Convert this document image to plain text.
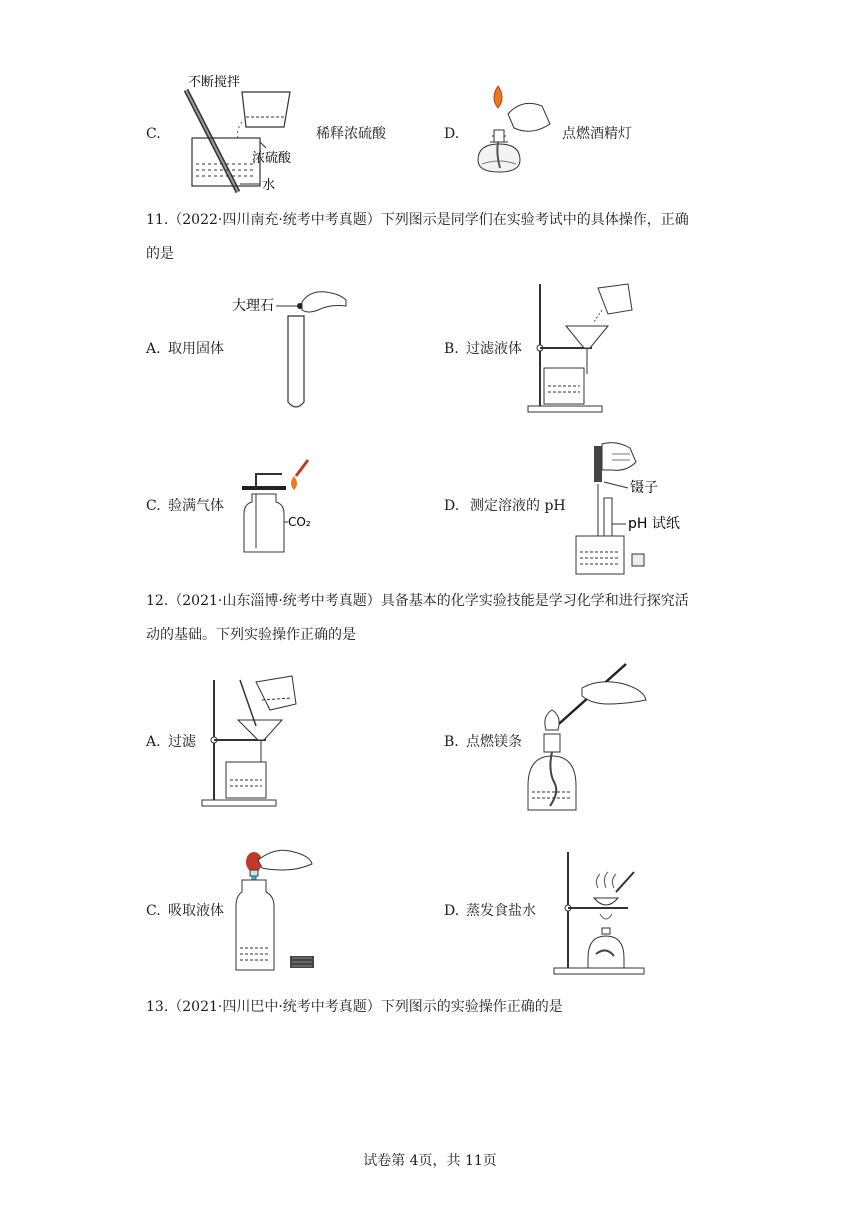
C.
不断搅拌
浓硫酸
水
稀释浓硫酸	D.	点燃酒精灯
11.（2022·四川南充·统考中考真题）下列图示是同学们在实验考试中的具体操作，正确
的是
A.
大理石
取用固体	B. 过滤液体
C.
CO₂
验满气体	D.
镊子
pH 试纸
测定溶液的 pH
12.（2021·山东淄博·统考中考真题）具备基本的化学实验技能是学习化学和进行探究活
动的基础。下列实验操作正确的是
A. 过滤	B. 点燃镁条
C. 吸取液体	D. 蒸发食盐水
13.（2021·四川巴中·统考中考真题）下列图示的实验操作正确的是
试卷第 4页，共 11页
